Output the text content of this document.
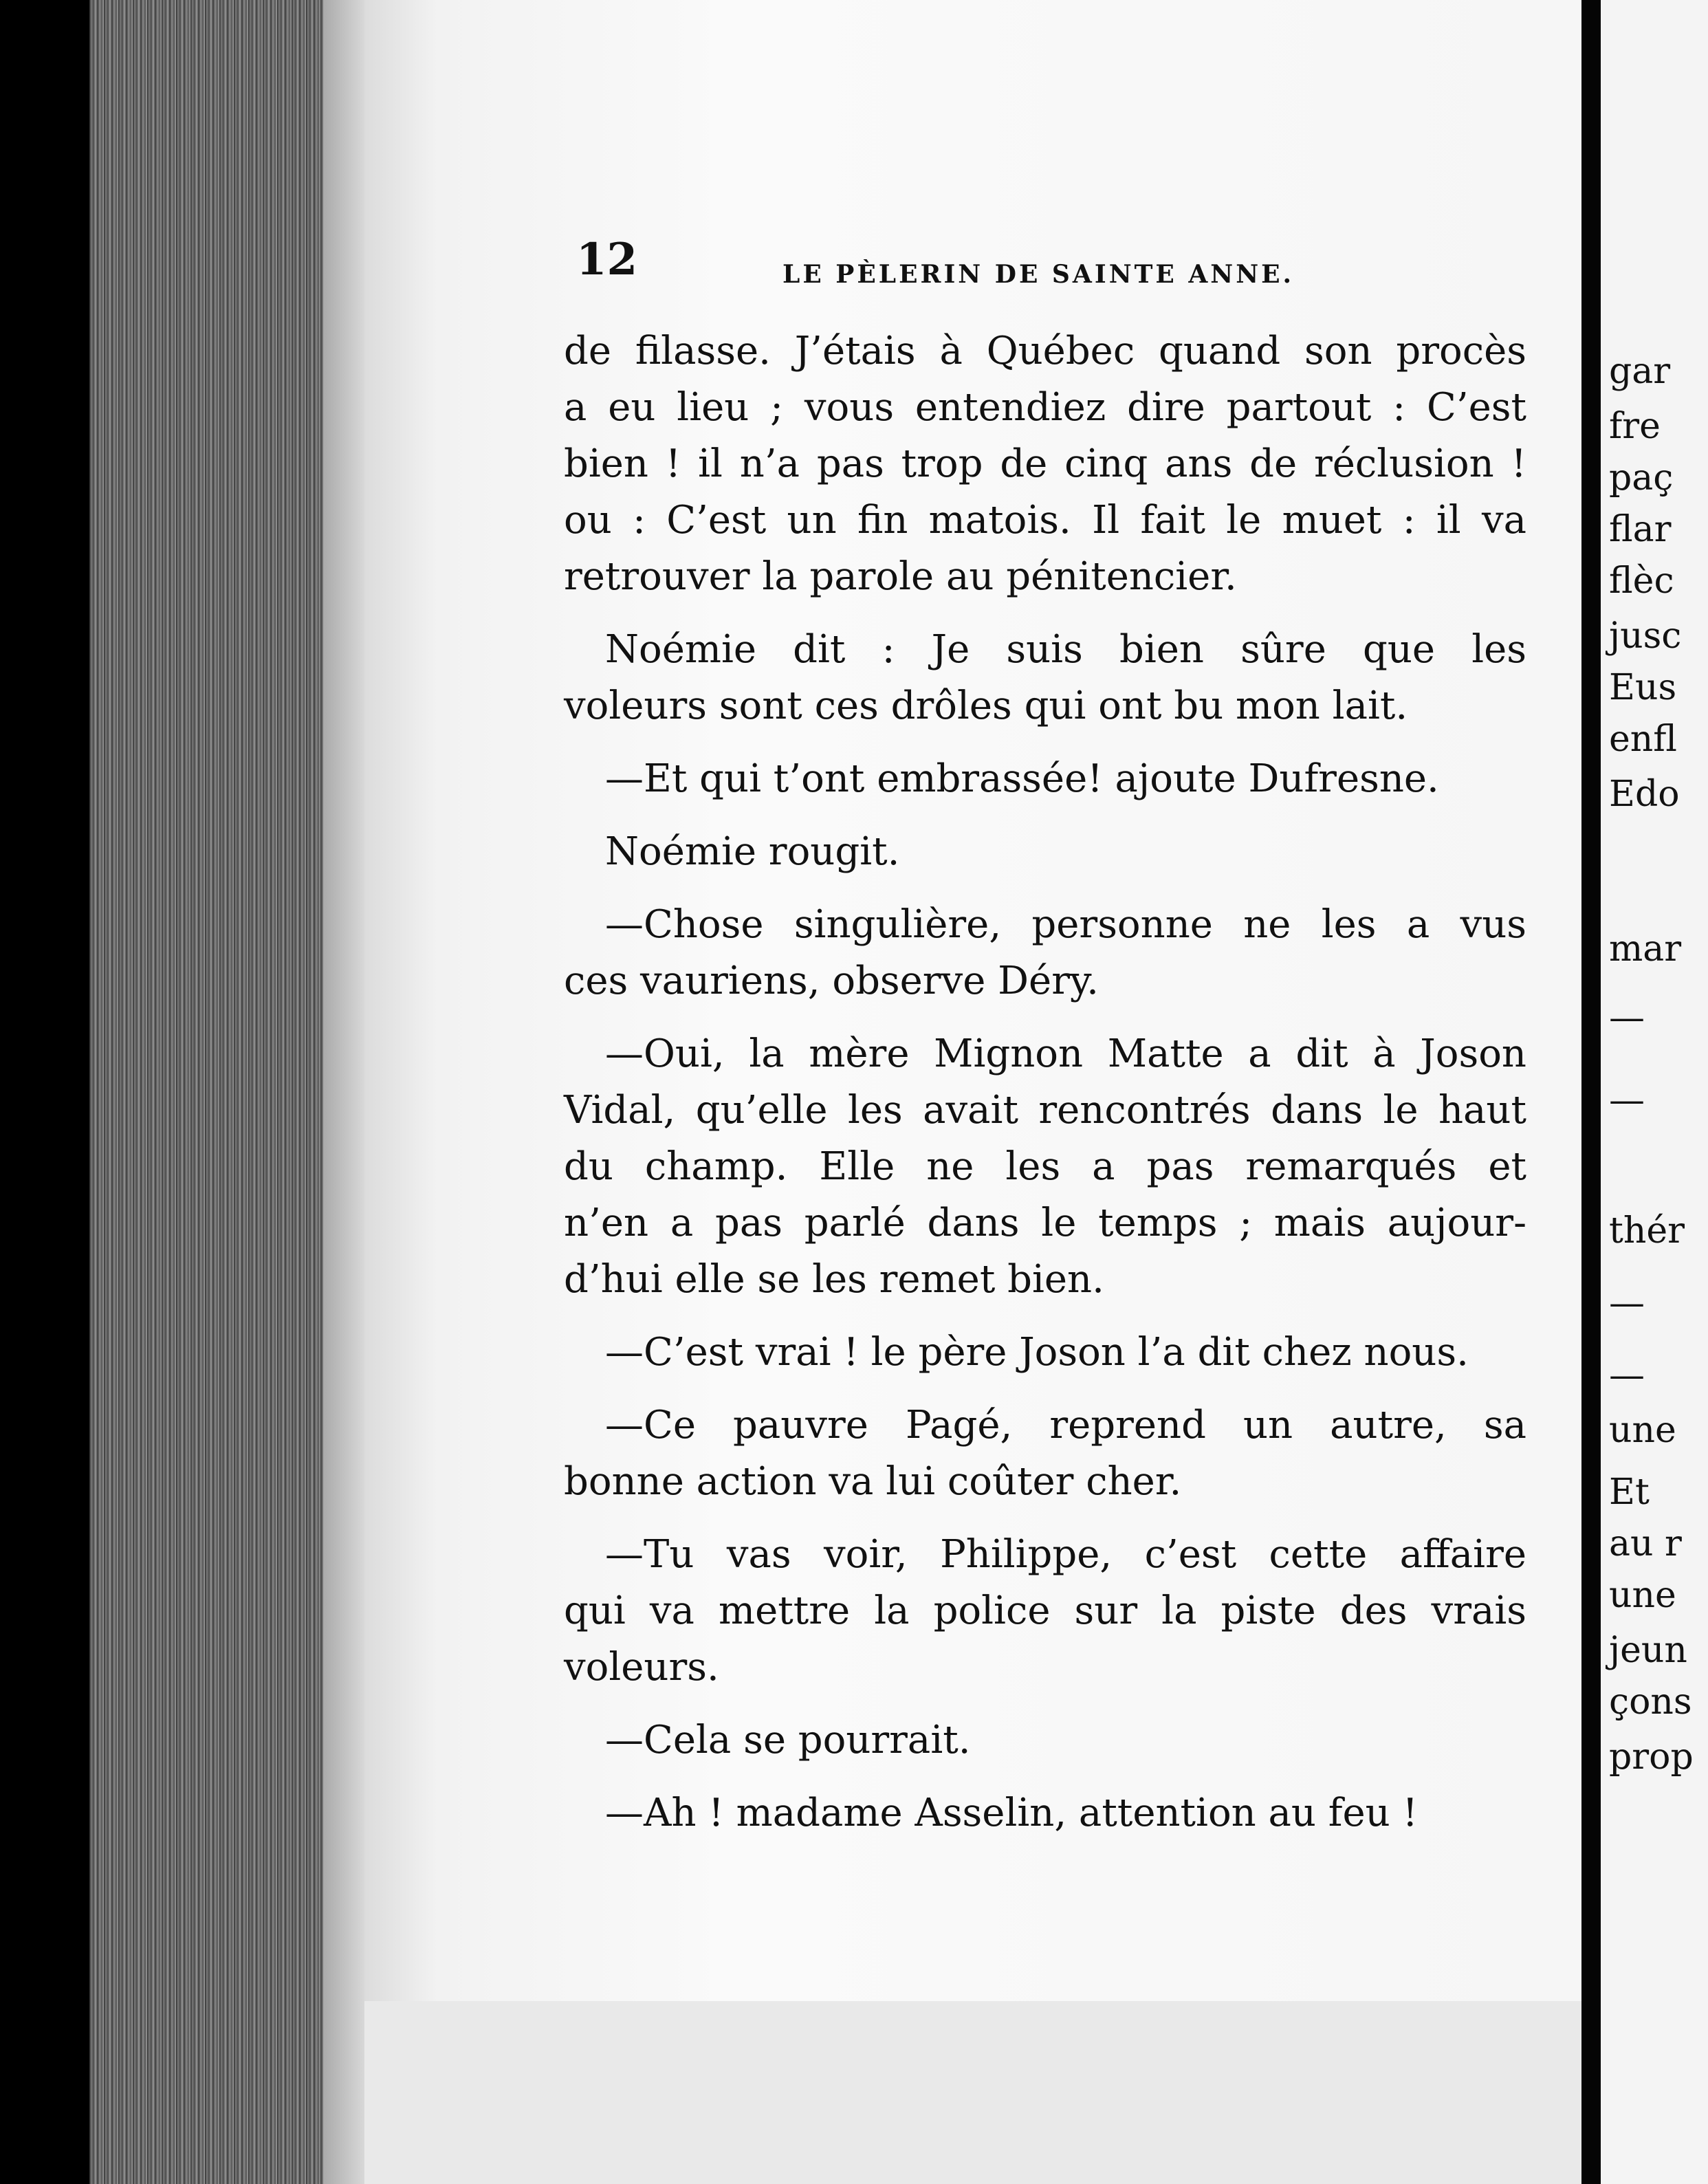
gar
fre
paç
flar
flèc
jusc
Eus
enfl
Edo
mar
—
—
thér
—
—
une
Et
au r
une
jeun
çons
prop
12	LE PÈLERIN DE SAINTE ANNE.
de filasse. J’étais à Québec quand son procès
a eu lieu ; vous entendiez dire partout : C’est
bien ! il n’a pas trop de cinq ans de réclusion !
ou : C’est un fin matois. Il fait le muet : il va
retrouver la parole au pénitencier.
Noémie dit : Je suis bien sûre que les
voleurs sont ces drôles qui ont bu mon lait.
—Et qui t’ont embrassée! ajoute Dufresne.
Noémie rougit.
—Chose singulière, personne ne les a vus
ces vauriens, observe Déry.
—Oui, la mère Mignon Matte a dit à Joson
Vidal, qu’elle les avait rencontrés dans le haut
du champ. Elle ne les a pas remarqués et
n’en a pas parlé dans le temps ; mais aujour-
d’hui elle se les remet bien.
—C’est vrai ! le père Joson l’a dit chez nous.
—Ce pauvre Pagé, reprend un autre, sa
bonne action va lui coûter cher.
—Tu vas voir, Philippe, c’est cette affaire
qui va mettre la police sur la piste des vrais
voleurs.
—Cela se pourrait.
—Ah ! madame Asselin, attention au feu !
